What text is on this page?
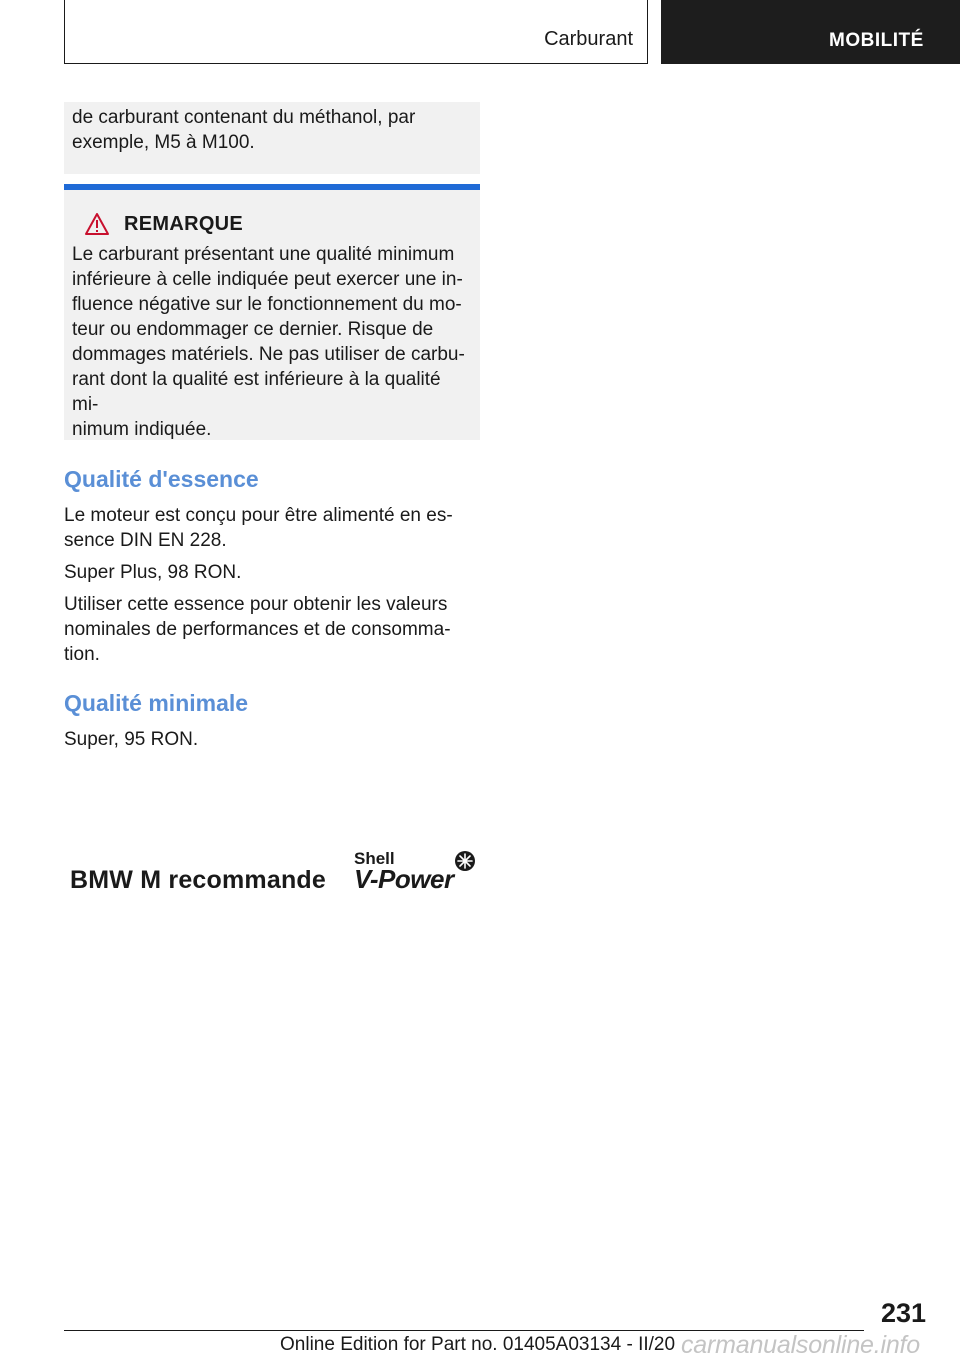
Carburant	MOBILITÉ
de carburant contenant du méthanol, par
exemple, M5 à M100.
REMARQUE
Le carburant présentant une qualité minimum
inférieure à celle indiquée peut exercer une in-
fluence négative sur le fonctionnement du mo-
teur ou endommager ce dernier. Risque de
dommages matériels. Ne pas utiliser de carbu-
rant dont la qualité est inférieure à la qualité mi-
nimum indiquée.
Qualité d'essence
Le moteur est conçu pour être alimenté en es-
sence DIN EN 228.
Super Plus, 98 RON.
Utiliser cette essence pour obtenir les valeurs
nominales de performances et de consomma-
tion.
Qualité minimale
Super, 95 RON.
BMW M recommande
Shell
V-Power
231
Online Edition for Part no. 01405A03134 - II/20 carmanualsonline.info
